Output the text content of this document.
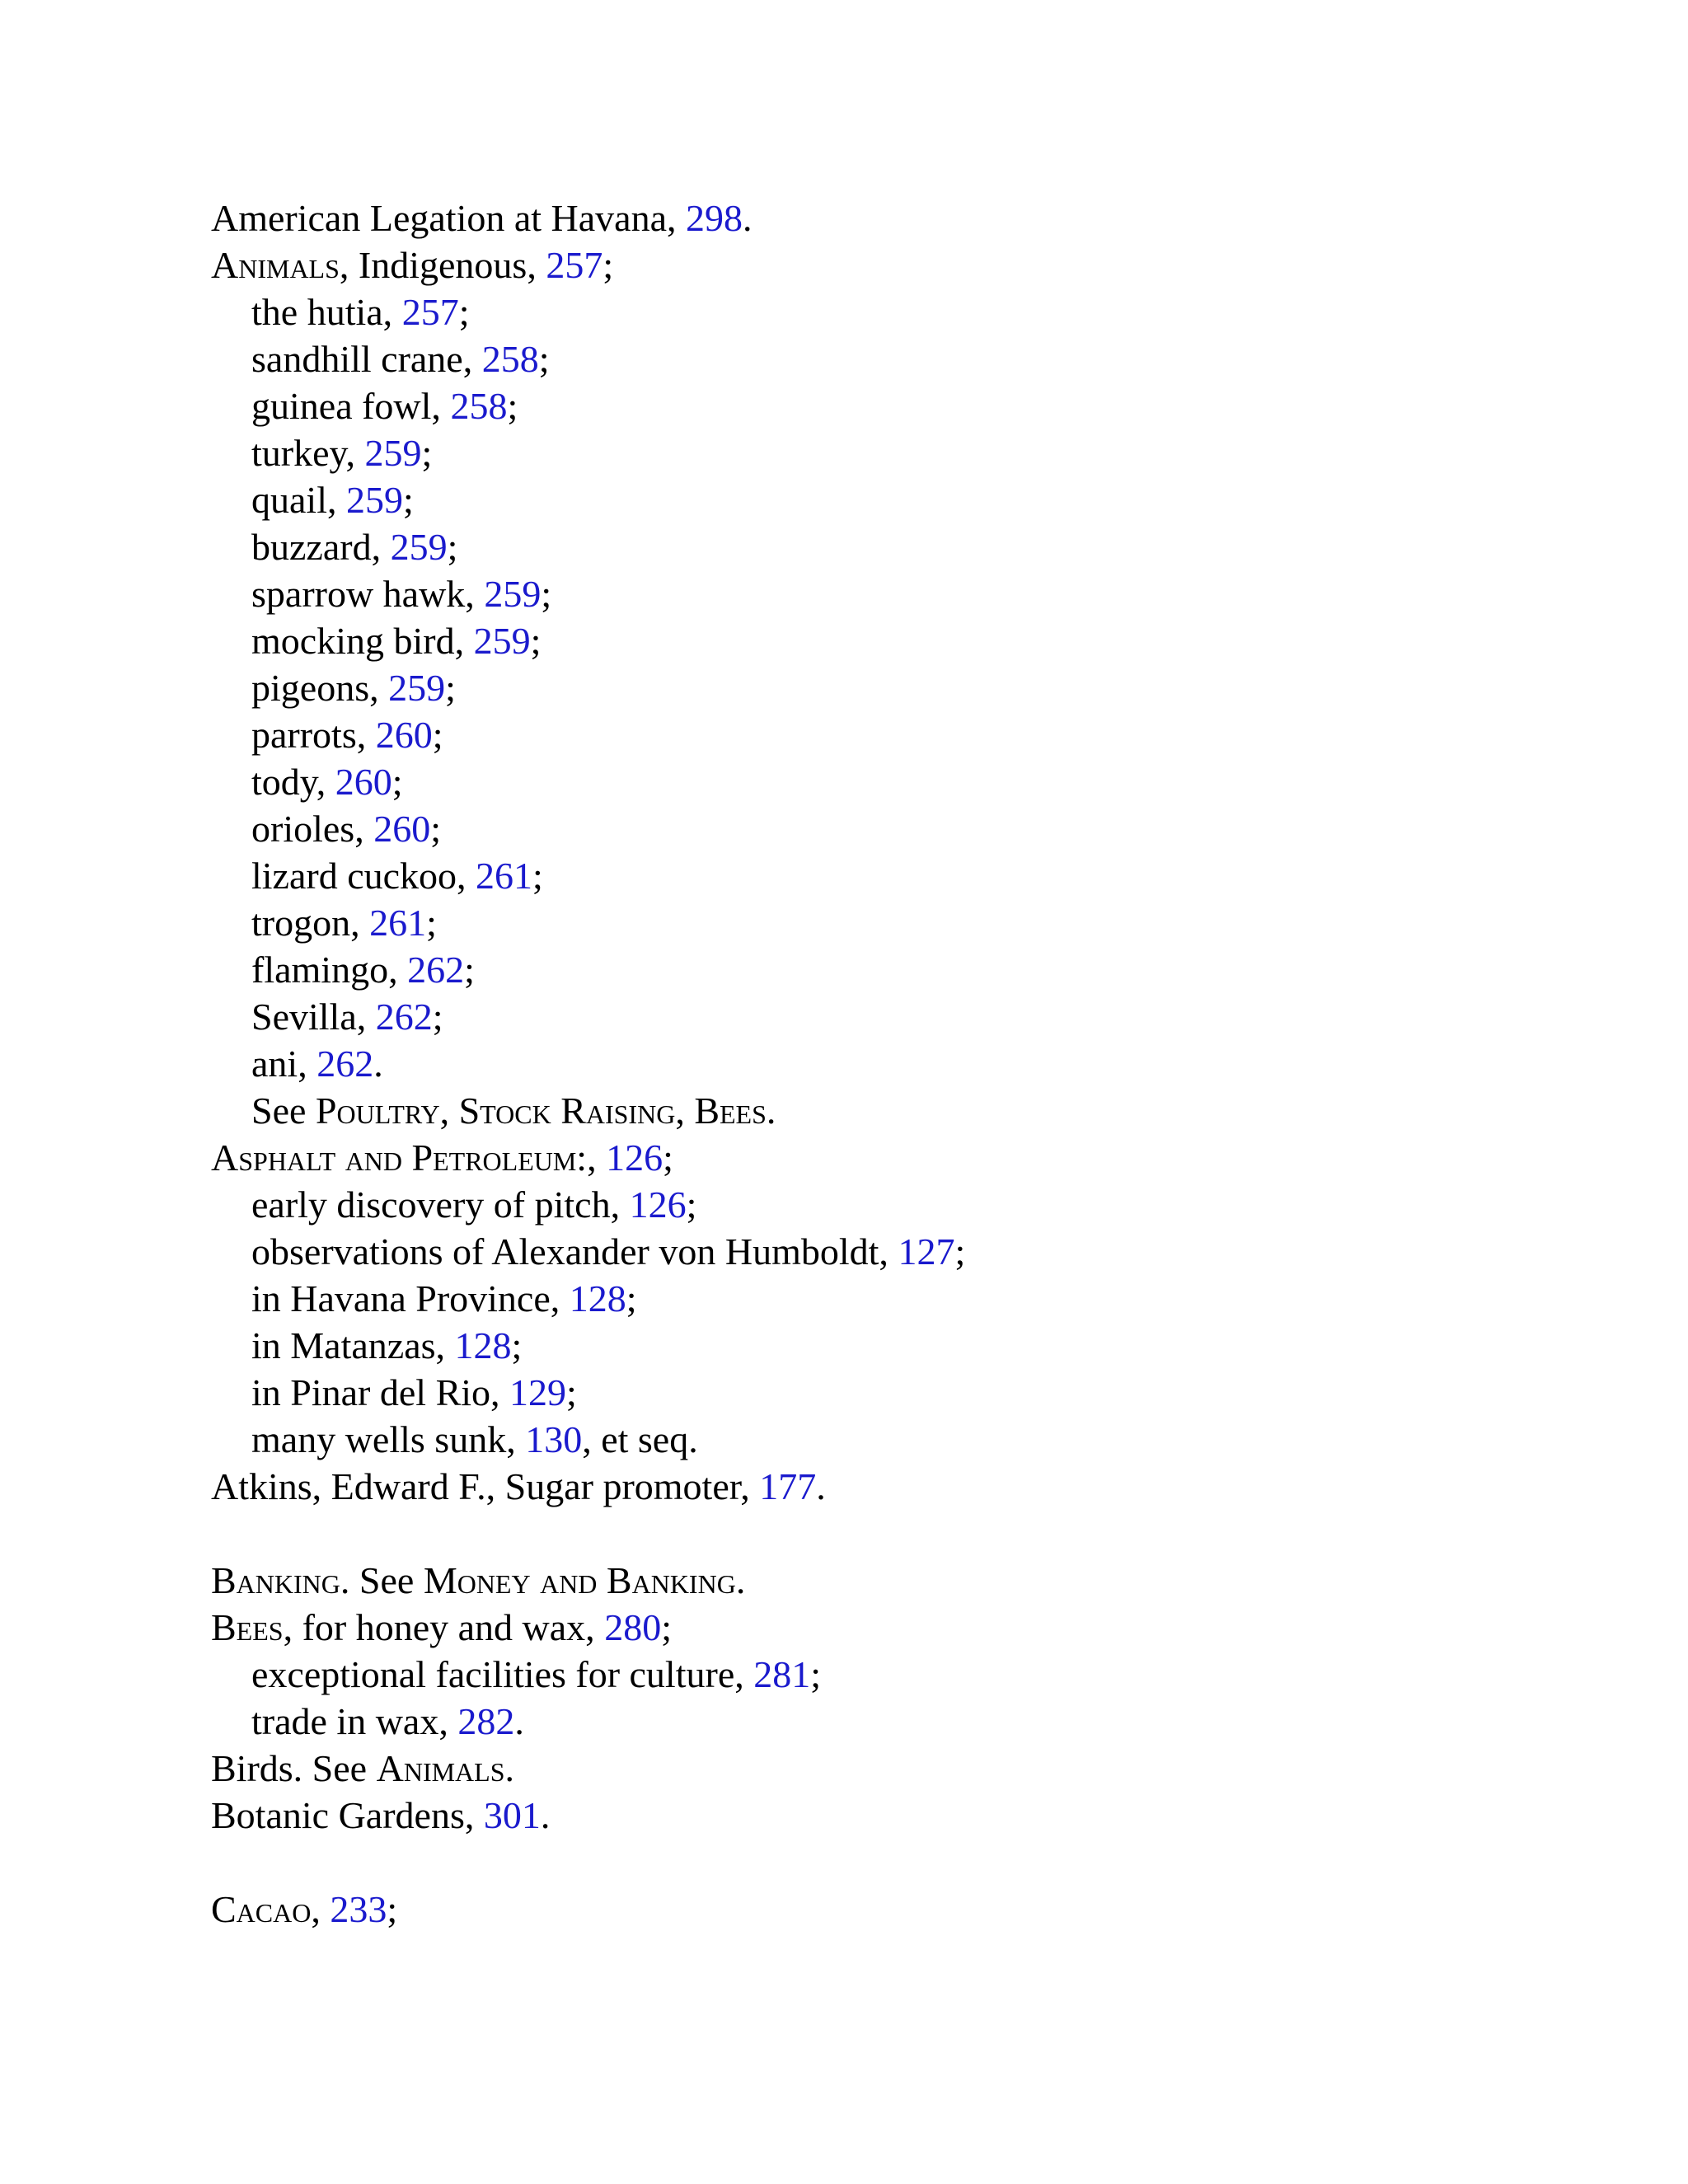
American Legation at Havana, 298.
Animals, Indigenous, 257;
the hutia, 257;
sandhill crane, 258;
guinea fowl, 258;
turkey, 259;
quail, 259;
buzzard, 259;
sparrow hawk, 259;
mocking bird, 259;
pigeons, 259;
parrots, 260;
tody, 260;
orioles, 260;
lizard cuckoo, 261;
trogon, 261;
flamingo, 262;
Sevilla, 262;
ani, 262.
See Poultry, Stock Raising, Bees.
Asphalt and Petroleum:, 126;
early discovery of pitch, 126;
observations of Alexander von Humboldt, 127;
in Havana Province, 128;
in Matanzas, 128;
in Pinar del Rio, 129;
many wells sunk, 130, et seq.
Atkins, Edward F., Sugar promoter, 177.
Banking. See Money and Banking.
Bees, for honey and wax, 280;
exceptional facilities for culture, 281;
trade in wax, 282.
Birds. See Animals.
Botanic Gardens, 301.
Cacao, 233;
